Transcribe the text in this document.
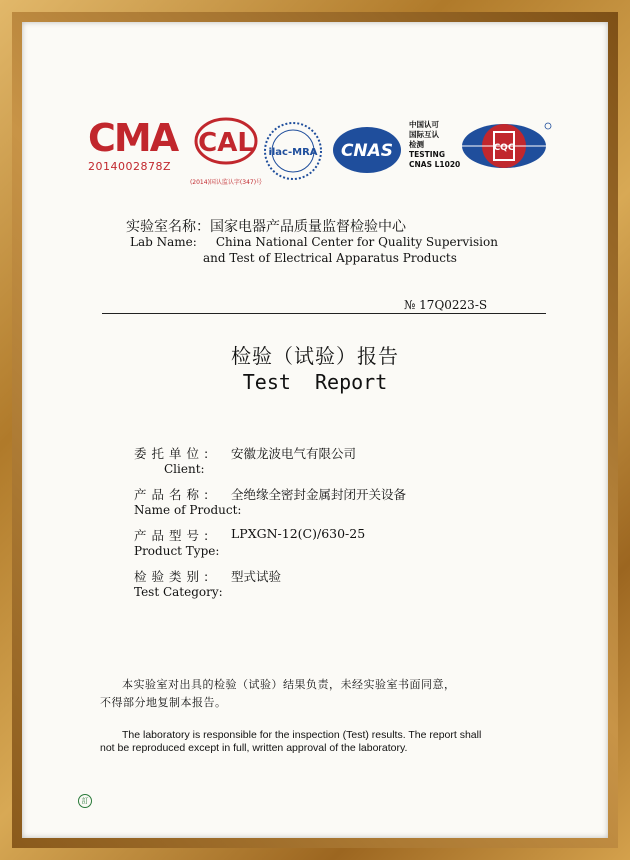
CMA
2014002878Z
CAL
(2014)国认监认字(347)号
ilac-MRA CNAS
中国认可
国际互认
检测
TESTING
CNAS L1020
CQC
实验室名称：国家电器产品质量监督检验中心
Lab Name: China National Center for Quality Supervision
and Test of Electrical Apparatus Products
№ 17Q0223-S
检验（试验）报告
Test  Report
委托单位: 安徽龙波电气有限公司
Client:
产品名称: 全绝缘全密封金属封闭开关设备
Name of Product:
产品型号: LPXGN-12(C)/630-25
Product Type:
检验类别: 型式试验
Test Category:
本实验室对出具的检验（试验）结果负责，未经实验室书面同意，
不得部分地复制本报告。
The laboratory is responsible for the inspection (Test) results. The report shall
not be reproduced except in full, written approval of the laboratory.
訂
